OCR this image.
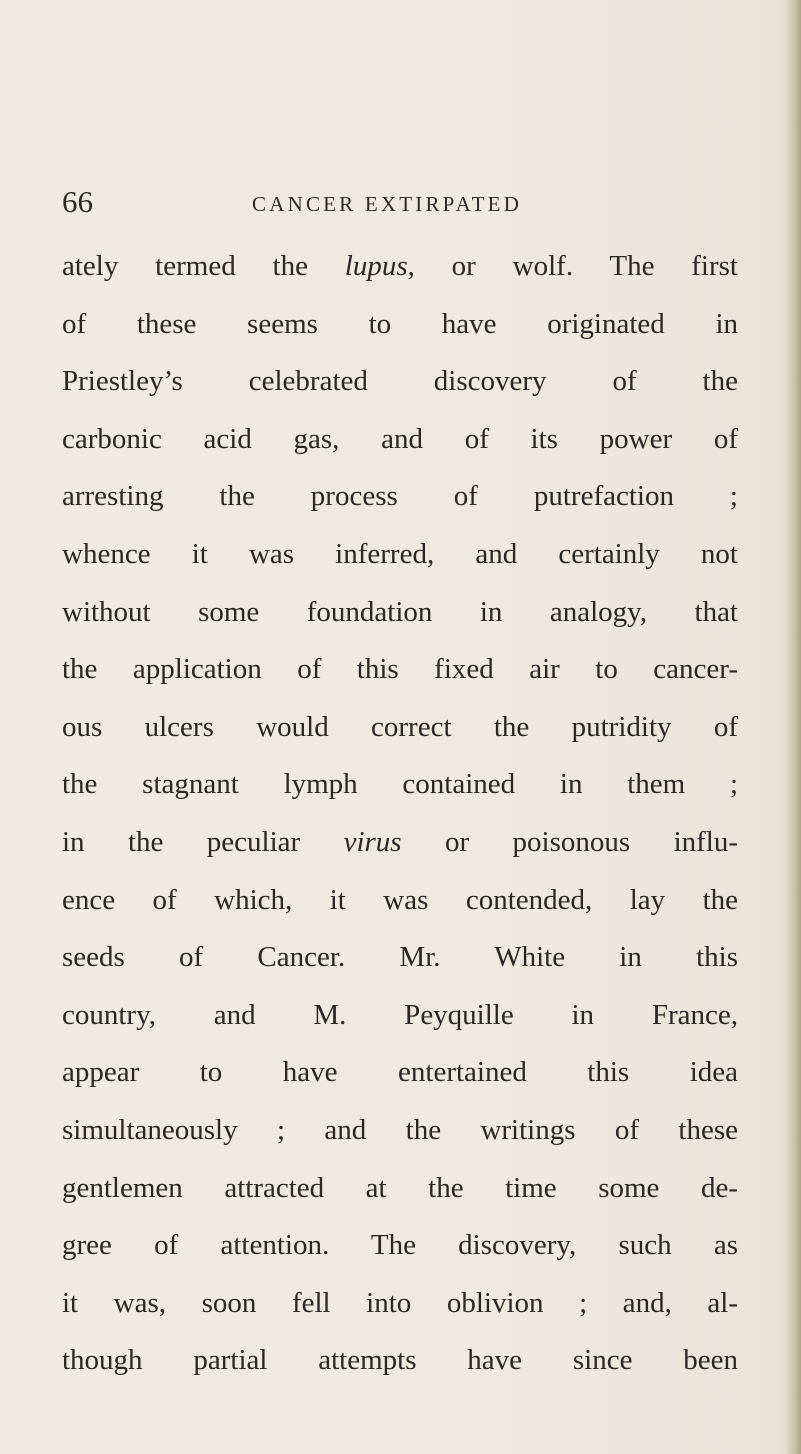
66	CANCER EXTIRPATED
ately termed the lupus, or wolf. The first
of these seems to have originated in
Priestley’s celebrated discovery of the
carbonic acid gas, and of its power of
arresting the process of putrefaction ;
whence it was inferred, and certainly not
without some foundation in analogy, that
the application of this fixed air to cancer-
ous ulcers would correct the putridity of
the stagnant lymph contained in them ;
in the peculiar virus or poisonous influ-
ence of which, it was contended, lay the
seeds of Cancer. Mr. White in this
country, and M. Peyquille in France,
appear to have entertained this idea
simultaneously ; and the writings of these
gentlemen attracted at the time some de-
gree of attention. The discovery, such as
it was, soon fell into oblivion ; and, al-
though partial attempts have since been
